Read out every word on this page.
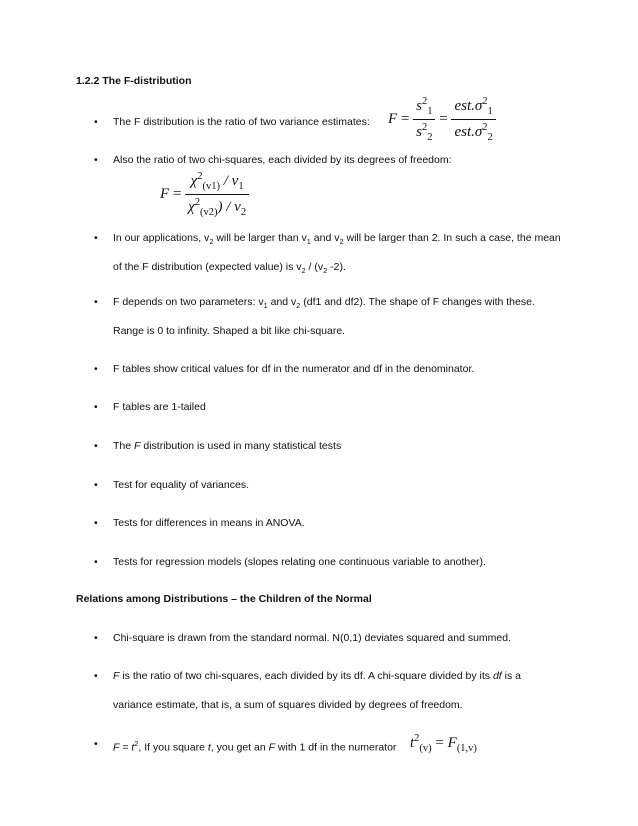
1.2.2 The F-distribution
• The F distribution is the ratio of two variance estimates: $F = \frac{s^2_1}{s^2_2} = \frac{est.\sigma^2_1}{est.\sigma^2_2}$
• Also the ratio of two chi-squares, each divided by its degrees of freedom:
$F = \frac{\chi^2_{(v1)} / v_1}{\chi^2_{(v2)}) / v_2}$
• In our applications, $v_2$ will be larger than $v_1$ and $v_2$ will be larger than 2. In such a case, the mean
of the F distribution (expected value) is $v_2 / (v_2$ -2).
• F depends on two parameters: $v_1$ and $v_2$ (df1 and df2). The shape of F changes with these.
Range is 0 to infinity. Shaped a bit like chi-square.
• F tables show critical values for df in the numerator and df in the denominator.
• F tables are 1-tailed
• The F distribution is used in many statistical tests
• Test for equality of variances.
• Tests for differences in means in ANOVA.
• Tests for regression models (slopes relating one continuous variable to another).
Relations among Distributions – the Children of the Normal
• Chi-square is drawn from the standard normal. N(0,1) deviates squared and summed.
• F is the ratio of two chi-squares, each divided by its df. A chi-square divided by its df is a
variance estimate, that is, a sum of squares divided by degrees of freedom.
• $F = t^2$, If you square t, you get an F with 1 df in the numerator $t^2_{(v)} = F_{(1,v)}$
